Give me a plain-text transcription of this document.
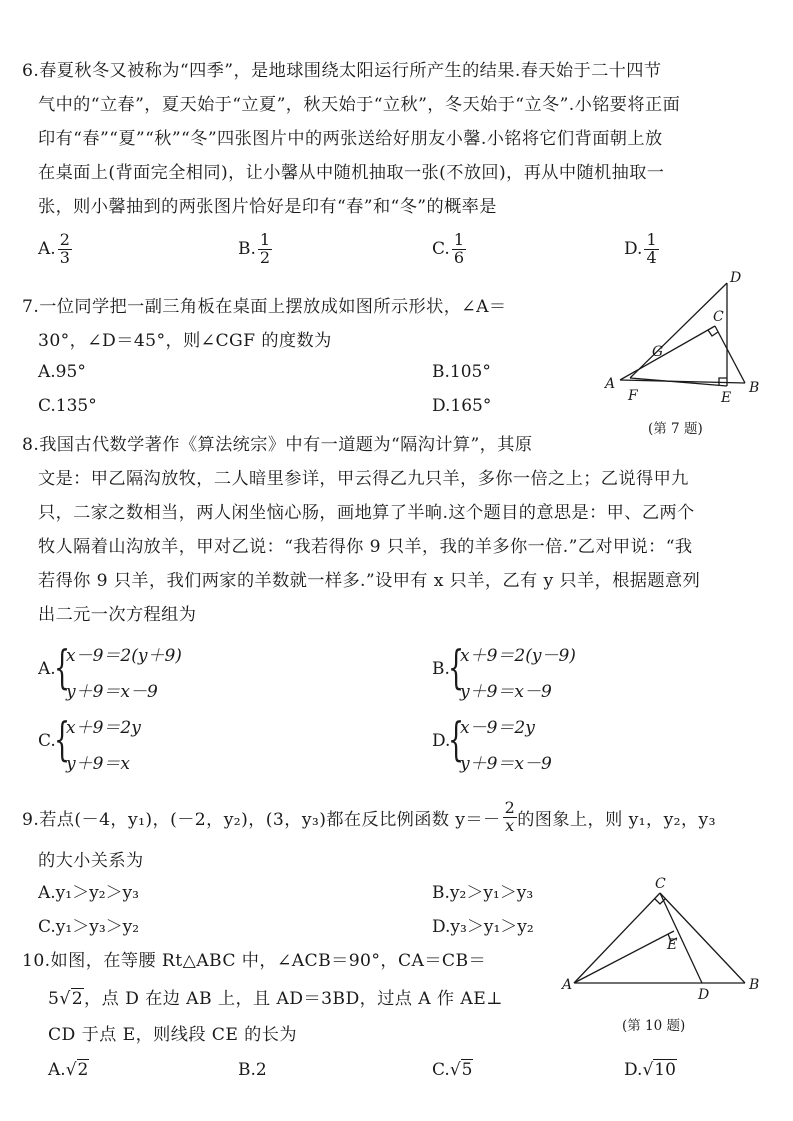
6.春夏秋冬又被称为“四季”，是地球围绕太阳运行所产生的结果.春天始于二十四节
气中的“立春”，夏天始于“立夏”，秋天始于“立秋”，冬天始于“立冬”.小铭要将正面
印有“春”“夏”“秋”“冬”四张图片中的两张送给好朋友小馨.小铭将它们背面朝上放
在桌面上(背面完全相同)，让小馨从中随机抽取一张(不放回)，再从中随机抽取一
张，则小馨抽到的两张图片恰好是印有“春”和“冬”的概率是
A. $\frac{2}{3}$	B. $\frac{1}{2}$	C. $\frac{1}{6}$	D. $\frac{1}{4}$
7.一位同学把一副三角板在桌面上摆放成如图所示形状，∠A＝
30°，∠D＝45°，则∠CGF 的度数为
A.95°	B.105°
C.135°	D.165°
D
C
G
A
F	E
B
(第 7 题)
8.我国古代数学著作《算法统宗》中有一道题为“隔沟计算”，其原
文是：甲乙隔沟放牧，二人暗里参详，甲云得乙九只羊，多你一倍之上；乙说得甲九
只，二家之数相当，两人闲坐恼心肠，画地算了半晌.这个题目的意思是：甲、乙两个
牧人隔着山沟放羊，甲对乙说：“我若得你 9 只羊，我的羊多你一倍.”乙对甲说：“我
若得你 9 只羊，我们两家的羊数就一样多.”设甲有 x 只羊，乙有 y 只羊，根据题意列
出二元一次方程组为
A.
{
x－9＝2(y＋9)
y＋9＝x－9
B.
{
x＋9＝2(y－9)
y＋9＝x－9
C.
{
x＋9＝2y
y＋9＝x
D.
{
x－9＝2y
y＋9＝x－9
9.若点(－4，y₁)，(－2，y₂)，(3，y₃)都在反比例函数 $y=- \frac{2}{x}$ 的图象上，则 y₁，y₂，y₃
的大小关系为
A.y₁＞y₂＞y₃	B.y₂＞y₁＞y₃
C.y₁＞y₃＞y₂	D.y₃＞y₁＞y₂
10.如图，在等腰 Rt△ABC 中，∠ACB＝90°，CA＝CB＝
5√2，点 D 在边 AB 上，且 AD＝3BD，过点 A 作 AE⊥
CD 于点 E，则线段 CE 的长为
A.√2	B.2	C.√5	D.√10
C
E
A
D
B
(第 10 题)
